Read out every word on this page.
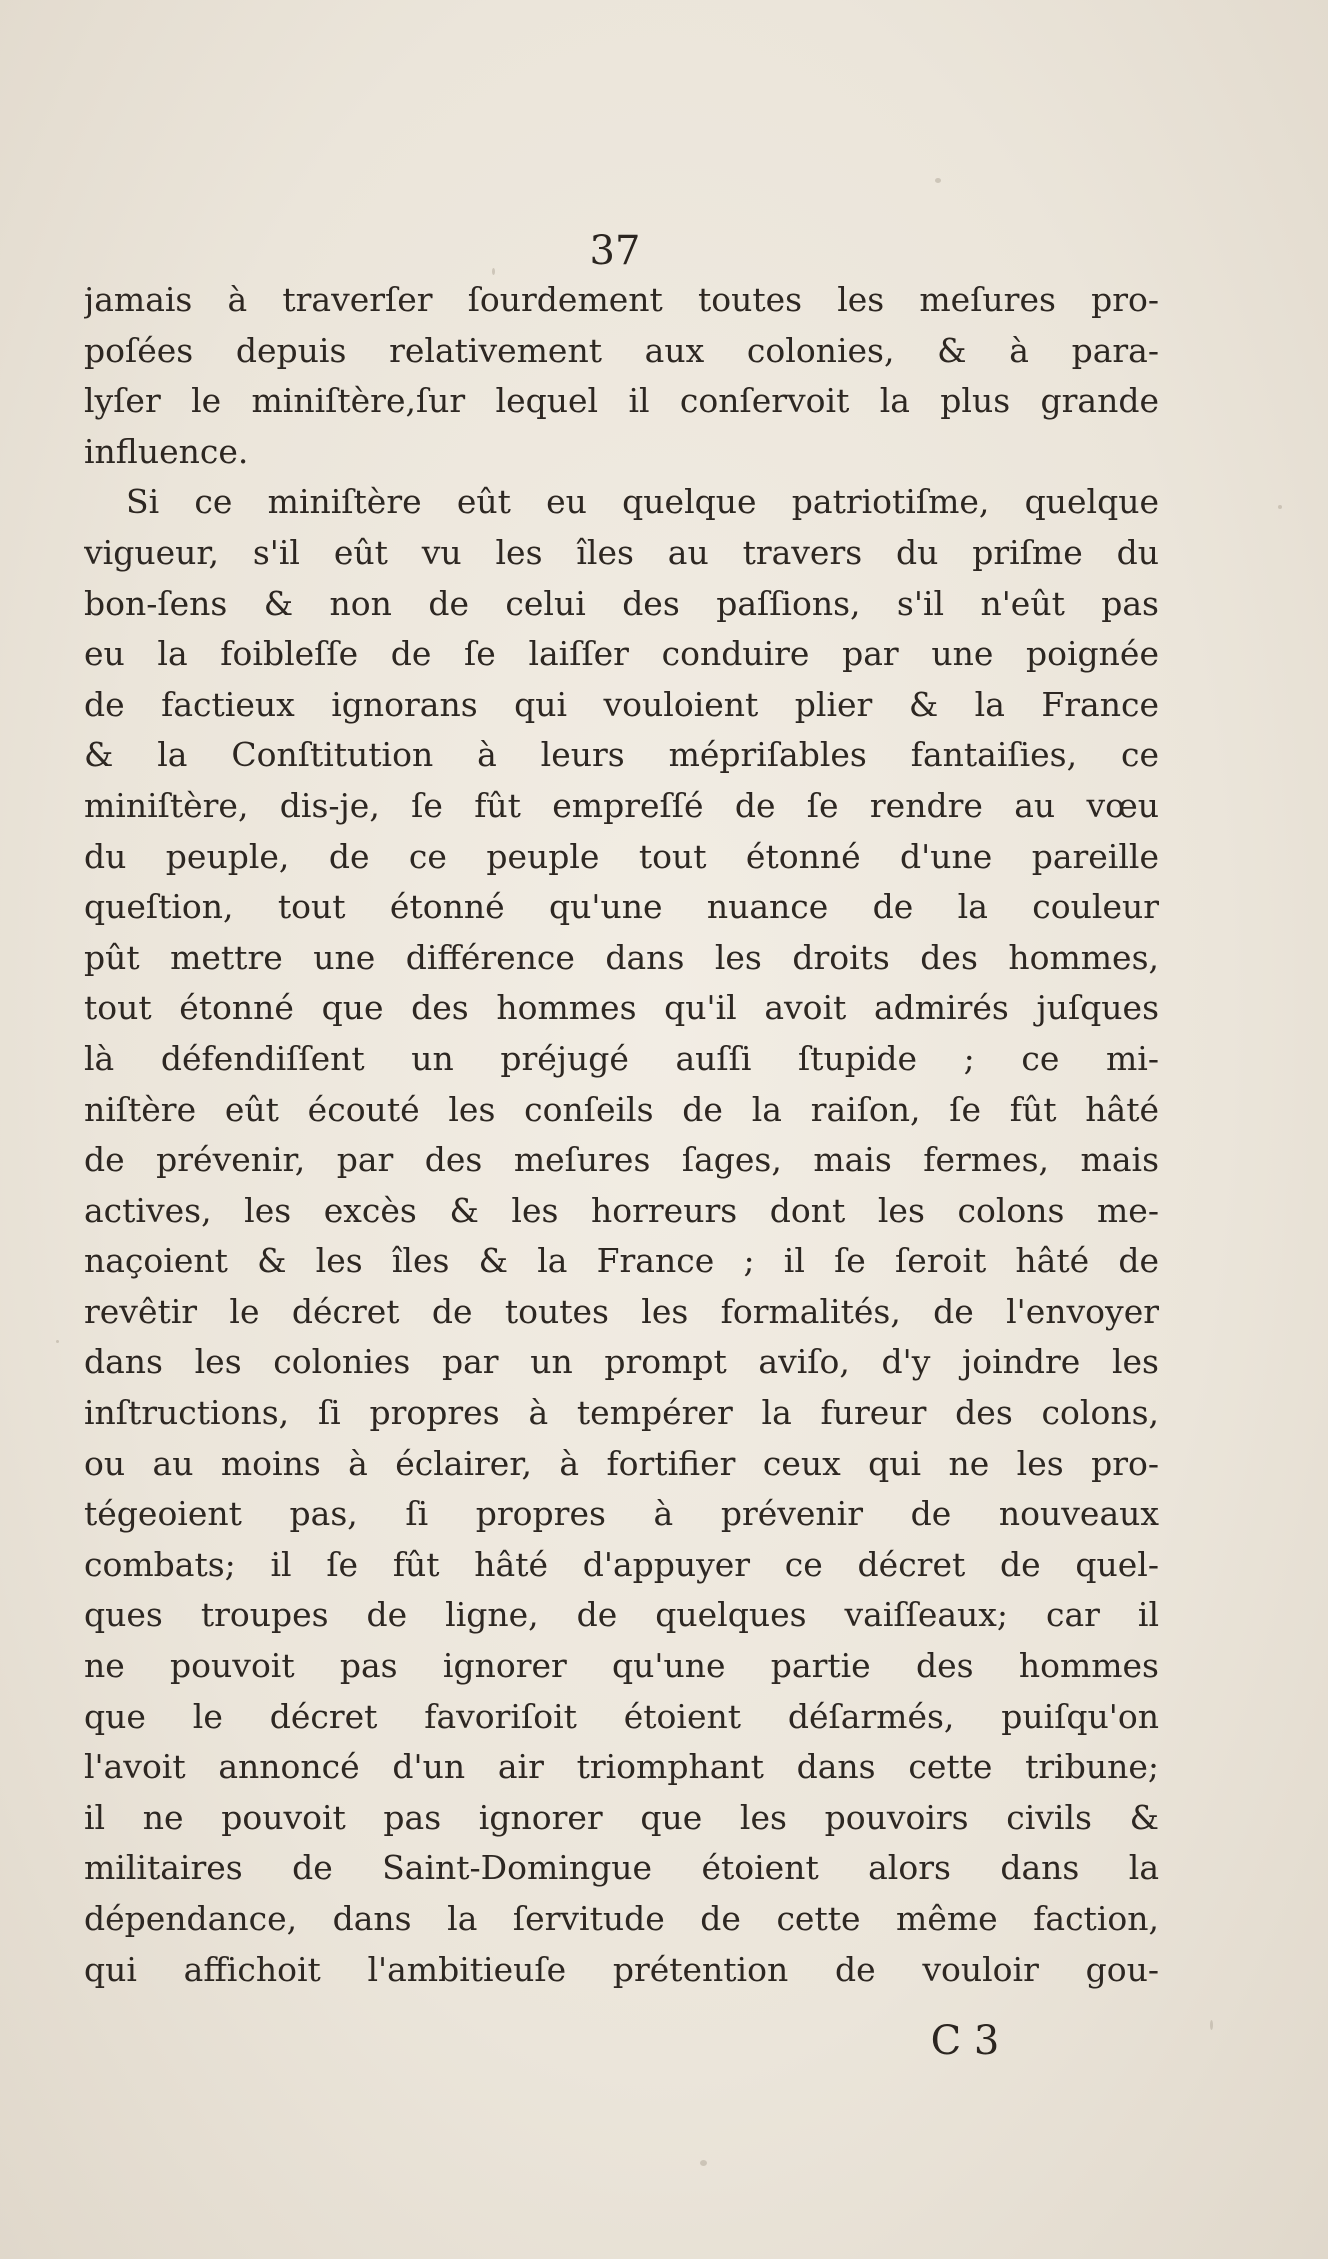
37
jamais à traverſer ſourdement toutes les meſures pro-
poſées depuis relativement aux colonies, & à para-
lyſer le miniſtère,ſur lequel il conſervoit la plus grande
influence.
Si ce miniſtère eût eu quelque patriotiſme, quelque
vigueur, s'il eût vu les îles au travers du priſme du
bon-ſens & non de celui des paſſions, s'il n'eût pas
eu la foibleſſe de ſe laiſſer conduire par une poignée
de factieux ignorans qui vouloient plier & la France
& la Conſtitution à leurs mépriſables fantaiſies, ce
miniſtère, dis-je, ſe fût empreſſé de ſe rendre au vœu
du peuple, de ce peuple tout étonné d'une pareille
queſtion, tout étonné qu'une nuance de la couleur
pût mettre une différence dans les droits des hommes,
tout étonné que des hommes qu'il avoit admirés juſques
là défendiſſent un préjugé auſſi ſtupide ; ce mi-
niſtère eût écouté les conſeils de la raiſon, ſe fût hâté
de prévenir, par des meſures ſages, mais fermes, mais
actives, les excès & les horreurs dont les colons me-
naçoient & les îles & la France ; il ſe ſeroit hâté de
revêtir le décret de toutes les formalités, de l'envoyer
dans les colonies par un prompt aviſo, d'y joindre les
inſtructions, ſi propres à tempérer la fureur des colons,
ou au moins à éclairer, à fortifier ceux qui ne les pro-
tégeoient pas, ſi propres à prévenir de nouveaux
combats; il ſe fût hâté d'appuyer ce décret de quel-
ques troupes de ligne, de quelques vaiſſeaux; car il
ne pouvoit pas ignorer qu'une partie des hommes
que le décret favoriſoit étoient déſarmés, puiſqu'on
l'avoit annoncé d'un air triomphant dans cette tribune;
il ne pouvoit pas ignorer que les pouvoirs civils &
militaires de Saint-Domingue étoient alors dans la
dépendance, dans la ſervitude de cette même faction,
qui affichoit l'ambitieuſe prétention de vouloir gou-
C 3
